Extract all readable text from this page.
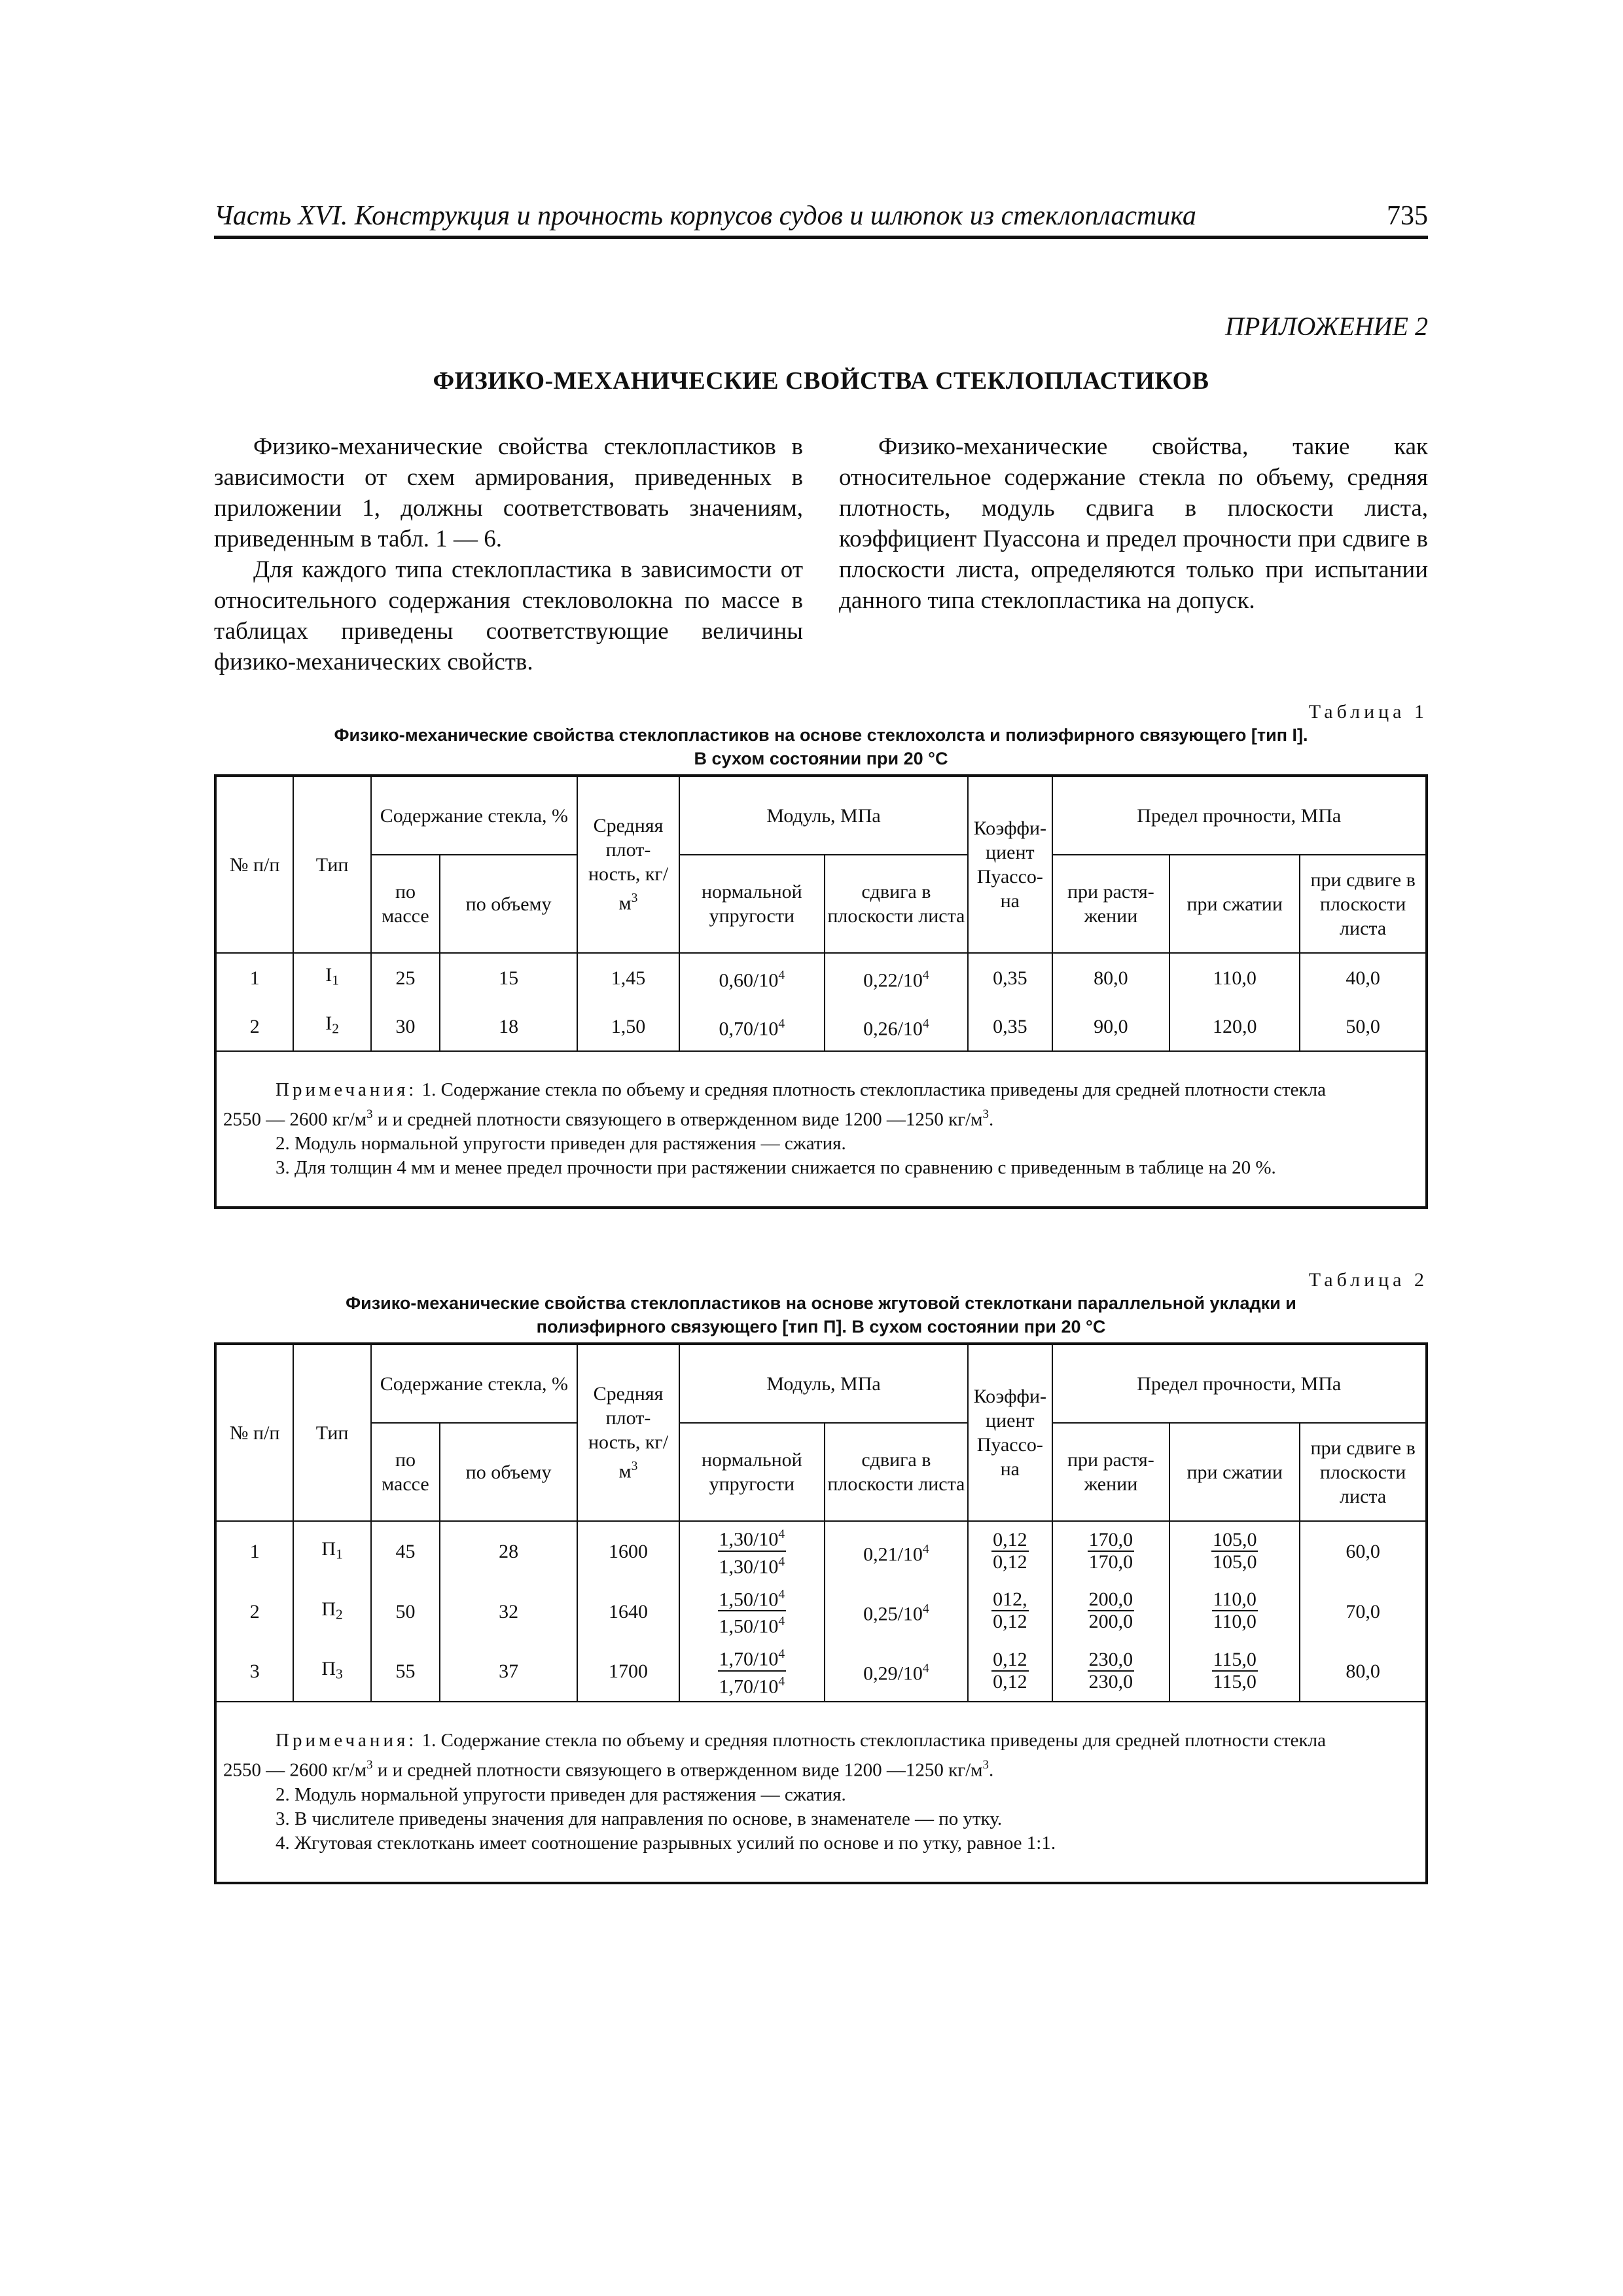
Часть XVI. Конструкция и прочность корпусов судов и шлюпок из стеклопластика	735
ПРИЛОЖЕНИЕ 2
ФИЗИКО-МЕХАНИЧЕСКИЕ СВОЙСТВА СТЕКЛОПЛАСТИКОВ

Физико-механические свойства стеклопластиков в зависимости от схем армирования, приведенных в приложении 1, должны соответствовать значениям, приведенным в табл. 1 — 6.

Для каждого типа стеклопластика в зависимости от относительного содержания стекловолокна по массе в таблицах приведены соответствующие величины физико-механических свойств.

Физико-механические свойства, такие как относительное содержание стекла по объему, средняя плотность, модуль сдвига в плоскости листа, коэффициент Пуассона и предел прочности при сдвиге в плоскости листа, определяются только при испытании данного типа стеклопластика на допуск.

Таблица 1
Физико-механические свойства стеклопластиков на основе стеклохолста и полиэфирного связующего [тип I].
В сухом состоянии при 20 °С
№ п/п	Тип	Содержание стекла, %		Средняя плот-ность, $кг/м^3$	Модуль, МПа		Коэффи-циент Пуассо-на	Предел прочности, МПа		
		по массе	по объему		нормальной упругости	сдвига в плоскости листа		при растя-жении	при сжатии	при сдвиге в плоскости листа
1	$I_1$	25	15	1,45	$0,60/10^4$	$0,22/10^4$	0,35	80,0	110,0	40,0
2	$I_2$	30	18	1,50	$0,70/10^4$	$0,26/10^4$	0,35	90,0	120,0	50,0

Примечания: 1. Содержание стекла по объему и средняя плотность стеклопластика приведены для средней плотности стекла
2550 — 2600 $кг/м^3$ и и средней плотности связующего в отвержденном виде 1200 —1250 $кг/м^3$.
2. Модуль нормальной упругости приведен для растяжения — сжатия.
3. Для толщин 4 мм и менее предел прочности при растяжении снижается по сравнению с приведенным в таблице на 20 %.										
Таблица 2
Физико-механические свойства стеклопластиков на основе жгутовой стеклоткани параллельной укладки и
полиэфирного связующего [тип П]. В сухом состоянии при 20 °С
№ п/п	Тип	Содержание стекла, %		Средняя плот-ность, $кг/м^3$	Модуль, МПа		Коэффи-циент Пуассо-на	Предел прочности, МПа		
		по массе	по объему		нормальной упругости	сдвига в плоскости листа		при растя-жении	при сжатии	при сдвиге в плоскости листа
1	$П_1$	45	28	1600	$\frac{1,30/10^4}{1,30/10^4}$	$0,21/10^4$	$\frac{0,12}{0,12}$	$\frac{170,0}{170,0}$	$\frac{105,0}{105,0}$	60,0
2	$П_2$	50	32	1640	$\frac{1,50/10^4}{1,50/10^4}$	$0,25/10^4$	$\frac{012,}{0,12}$	$\frac{200,0}{200,0}$	$\frac{110,0}{110,0}$	70,0
3	$П_3$	55	37	1700	$\frac{1,70/10^4}{1,70/10^4}$	$0,29/10^4$	$\frac{0,12}{0,12}$	$\frac{230,0}{230,0}$	$\frac{115,0}{115,0}$	80,0

Примечания: 1. Содержание стекла по объему и средняя плотность стеклопластика приведены для средней плотности стекла
2550 — 2600 $кг/м^3$ и и средней плотности связующего в отвержденном виде 1200 —1250 $кг/м^3$.
2. Модуль нормальной упругости приведен для растяжения — сжатия.
3. В числителе приведены значения для направления по основе, в знаменателе — по утку.
4. Жгутовая стеклоткань имеет соотношение разрывных усилий по основе и по утку, равное 1:1.										
